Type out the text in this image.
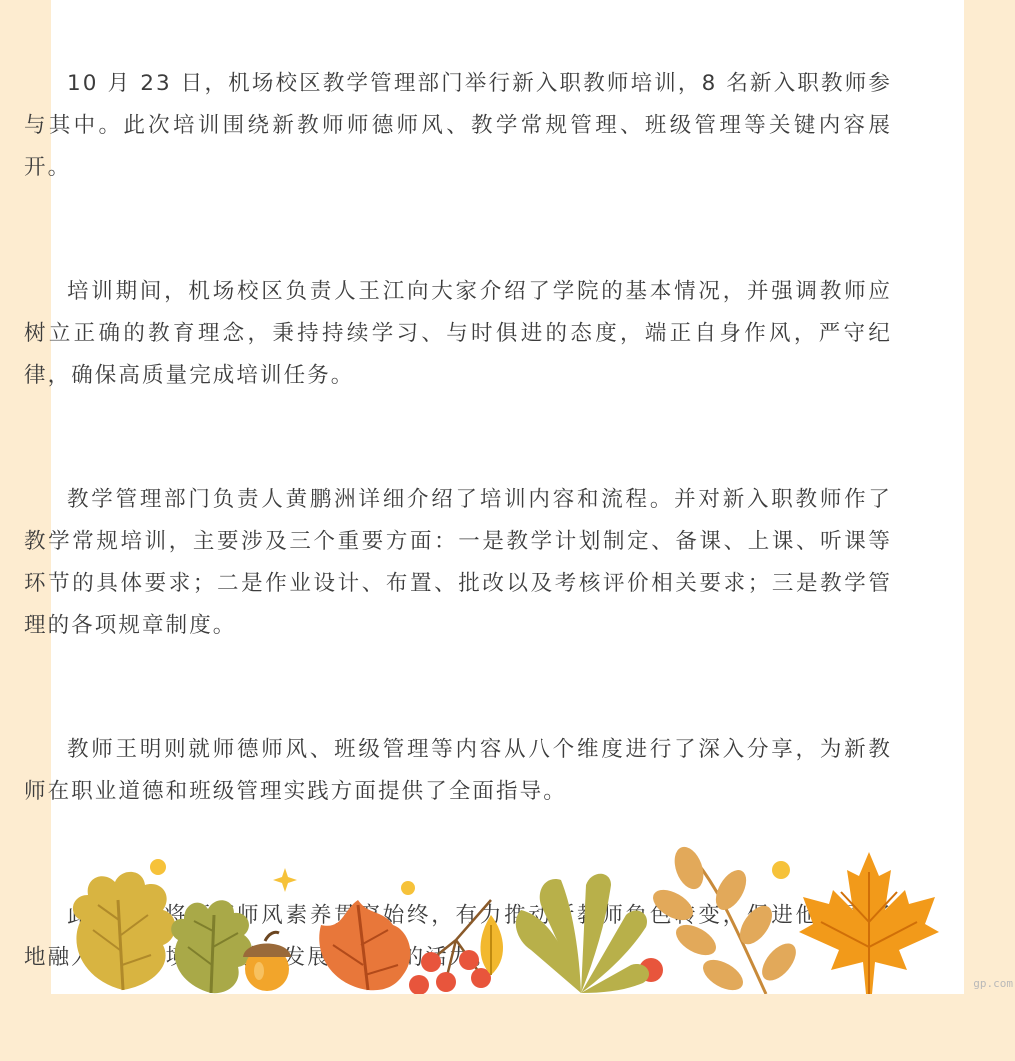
10 月 23 日，机场校区教学管理部门举行新入职教师培训，8 名新入职教师参与其中。此次培训围绕新教师师德师风、教学常规管理、班级管理等关键内容展开。

培训期间，机场校区负责人王江向大家介绍了学院的基本情况，并强调教师应树立正确的教育理念，秉持持续学习、与时俱进的态度，端正自身作风，严守纪律，确保高质量完成培训任务。

教学管理部门负责人黄鹏洲详细介绍了培训内容和流程。并对新入职教师作了教学常规培训，主要涉及三个重要方面：一是教学计划制定、备课、上课、听课等环节的具体要求；二是作业设计、布置、批改以及考核评价相关要求；三是教学管理的各项规章制度。

教师王明则就师德师风、班级管理等内容从八个维度进行了深入分享，为新教师在职业道德和班级管理实践方面提供了全面指导。

此次培训将师德师风素养贯穿始终，有力推动新教师角色转变，促进他们更 地融 发展注入新的活力。

gp.com
